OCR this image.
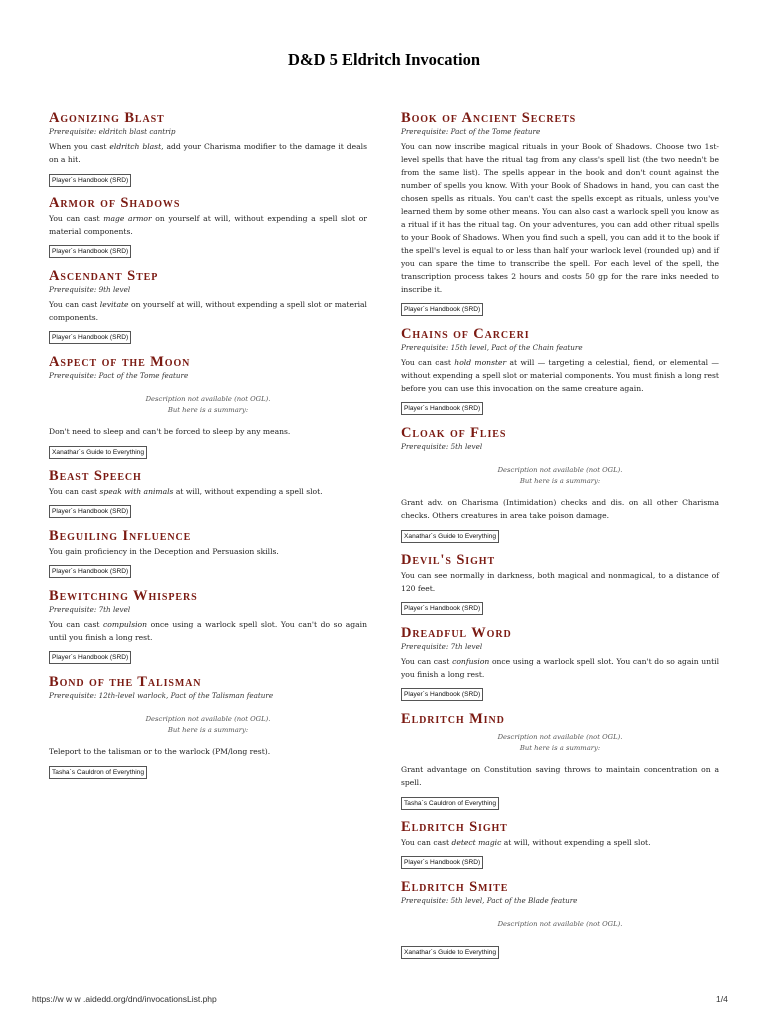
D&D 5 Eldritch Invocation
Agonizing Blast
Prerequisite: eldritch blast cantrip
When you cast eldritch blast, add your Charisma modifier to the damage it deals on a hit.
Player´s Handbook (SRD)
Armor of Shadows
You can cast mage armor on yourself at will, without expending a spell slot or material components.
Player´s Handbook (SRD)
Ascendant Step
Prerequisite: 9th level
You can cast levitate on yourself at will, without expending a spell slot or material components.
Player´s Handbook (SRD)
Aspect of the Moon
Prerequisite: Pact of the Tome feature
Description not available (not OGL).
But here is a summary:
Don't need to sleep and can't be forced to sleep by any means.
Xanathar´s Guide to Everything
Beast Speech
You can cast speak with animals at will, without expending a spell slot.
Player´s Handbook (SRD)
Beguiling Influence
You gain proficiency in the Deception and Persuasion skills.
Player´s Handbook (SRD)
Bewitching Whispers
Prerequisite: 7th level
You can cast compulsion once using a warlock spell slot. You can't do so again until you finish a long rest.
Player´s Handbook (SRD)
Bond of the Talisman
Prerequisite: 12th-level warlock, Pact of the Talisman feature
Description not available (not OGL).
But here is a summary:
Teleport to the talisman or to the warlock (PM/long rest).
Tasha´s Cauldron of Everything
Book of Ancient Secrets
Prerequisite: Pact of the Tome feature
You can now inscribe magical rituals in your Book of Shadows. Choose two 1st-level spells that have the ritual tag from any class's spell list (the two needn't be from the same list). The spells appear in the book and don't count against the number of spells you know. With your Book of Shadows in hand, you can cast the chosen spells as rituals. You can't cast the spells except as rituals, unless you've learned them by some other means. You can also cast a warlock spell you know as a ritual if it has the ritual tag. On your adventures, you can add other ritual spells to your Book of Shadows. When you find such a spell, you can add it to the book if the spell's level is equal to or less than half your warlock level (rounded up) and if you can spare the time to transcribe the spell. For each level of the spell, the transcription process takes 2 hours and costs 50 gp for the rare inks needed to inscribe it.
Player´s Handbook (SRD)
Chains of Carceri
Prerequisite: 15th level, Pact of the Chain feature
You can cast hold monster at will — targeting a celestial, fiend, or elemental — without expending a spell slot or material components. You must finish a long rest before you can use this invocation on the same creature again.
Player´s Handbook (SRD)
Cloak of Flies
Prerequisite: 5th level
Description not available (not OGL).
But here is a summary:
Grant adv. on Charisma (Intimidation) checks and dis. on all other Charisma checks. Others creatures in area take poison damage.
Xanathar´s Guide to Everything
Devil's Sight
You can see normally in darkness, both magical and nonmagical, to a distance of 120 feet.
Player´s Handbook (SRD)
Dreadful Word
Prerequisite: 7th level
You can cast confusion once using a warlock spell slot. You can't do so again until you finish a long rest.
Player´s Handbook (SRD)
Eldritch Mind
Description not available (not OGL).
But here is a summary:
Grant advantage on Constitution saving throws to maintain concentration on a spell.
Tasha´s Cauldron of Everything
Eldritch Sight
You can cast detect magic at will, without expending a spell slot.
Player´s Handbook (SRD)
Eldritch Smite
Prerequisite: 5th level, Pact of the Blade feature
Description not available (not OGL).
Xanathar´s Guide to Everything
https://w w w .aidedd.org/dnd/invocationsList.php	1/4
